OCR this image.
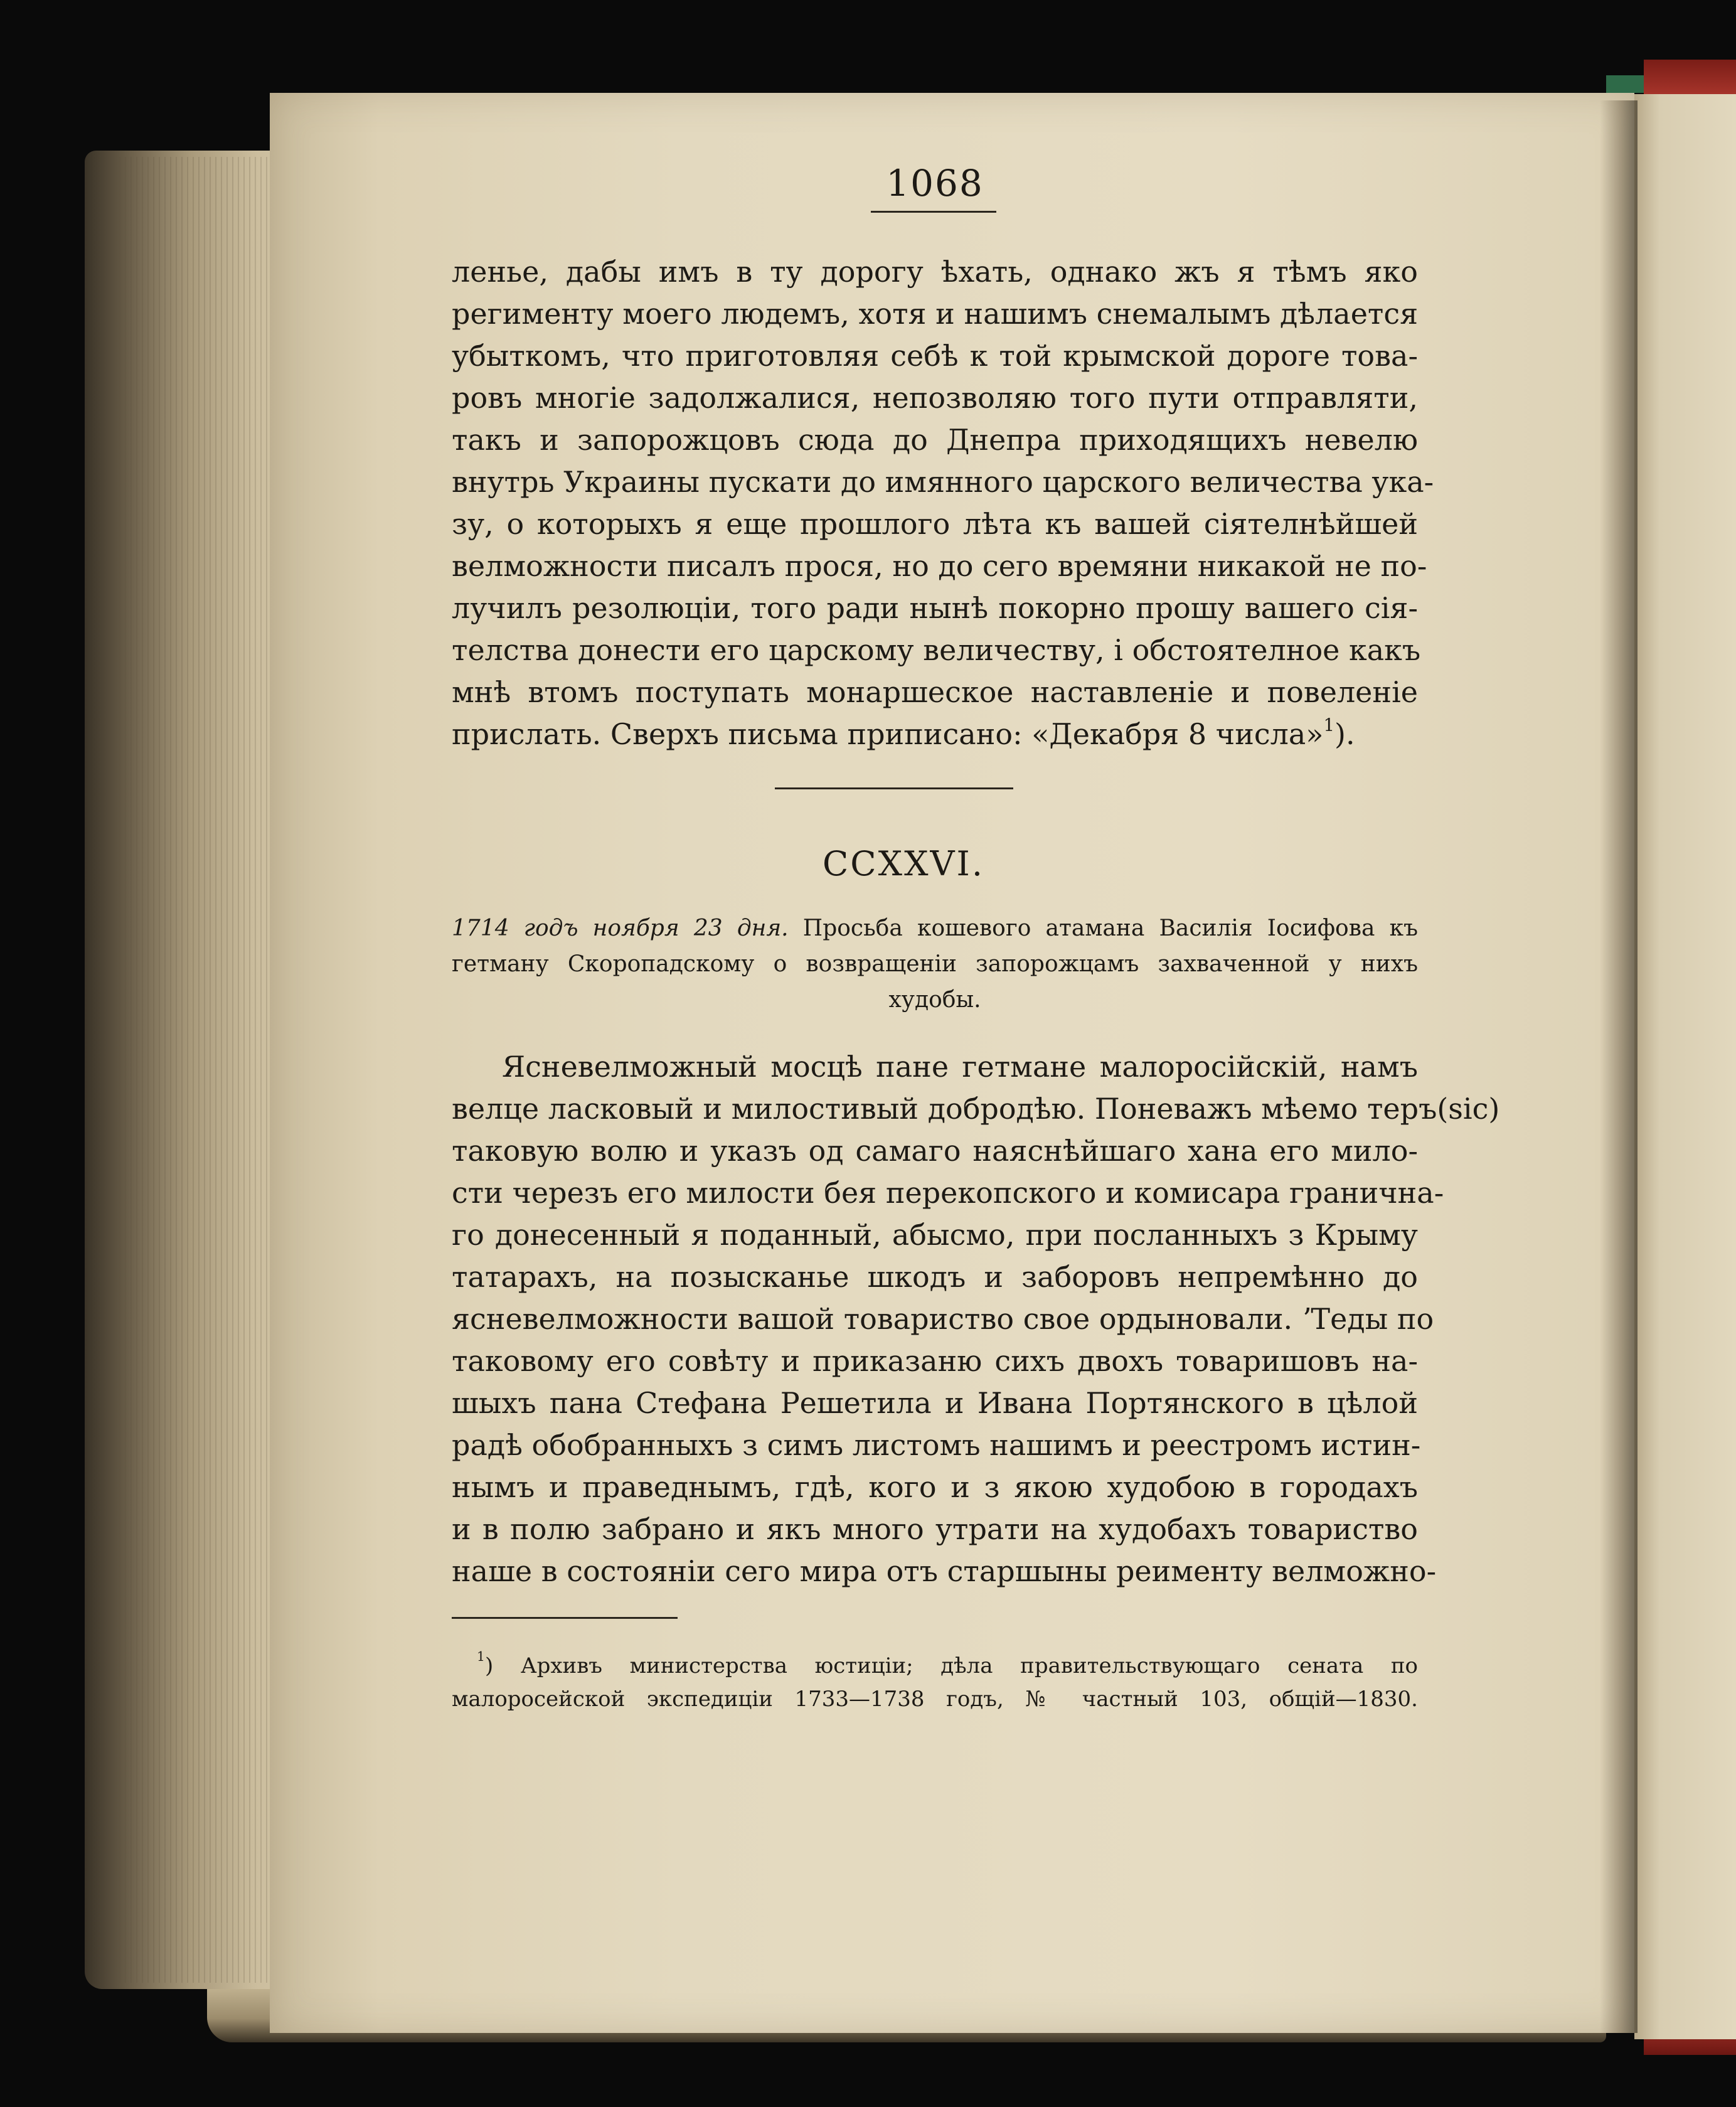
1068
ленье, дабы имъ в ту дорогу ѣхать, однако жъ я тѣмъ яко
регименту моего людемъ, хотя и нашимъ снемалымъ дѣлается
убыткомъ, что приготовляя себѣ к той крымской дороге това-
ровъ многіе задолжалися, непозволяю того пути отправляти,
такъ и запорожцовъ сюда до Днепра приходящихъ невелю
внутрь Украины пускати до имянного царского величества ука-
зу, о которыхъ я еще прошлого лѣта къ вашей сіятелнѣйшей
велможности писалъ прося, но до сего времяни никакой не по-
лучилъ резолюціи, того ради нынѣ покорно прошу вашего сія-
телства донести его царскому величеству, і обстоятелное какъ
мнѣ втомъ поступать монаршеское наставленіе и повеленіе
прислать. Сверхъ письма приписано: «Декабря 8 числа»$^1$).
CCXXVI.
1714 годъ ноября 23 дня. Просьба кошевого атамана Василія Іосифова къ
гетману Скоропадскому о возвращеніи запорожцамъ захваченной у нихъ
худобы.
Ясневелможный мосцѣ пане гетмане малоросійскій, намъ
велце ласковый и милостивый добродѣю. Поневажъ мѣемо теръ(sic)
таковую волю и указъ од самаго наяснѣйшаго хана его мило-
сти черезъ его милости бея перекопского и комисара гранична-
го донесенный я поданный, абысмо, при посланныхъ з Крыму
татарахъ, на позысканье шкодъ и заборовъ непремѣнно до
ясневелможности вашой товариство свое ордыновали. ʼТеды по
таковому его совѣту и приказаню сихъ двохъ товаришовъ на-
шыхъ пана Стефана Решетила и Ивана Портянского в цѣлой
радѣ обобранныхъ з симъ листомъ нашимъ и реестромъ истин-
нымъ и праведнымъ, гдѣ, кого и з якою худобою в городахъ
и в полю забрано и якъ много утрати на худобахъ товариство
наше в состояніи сего мира отъ старшыны реименту велможно-
$^1$) Архивъ министерства юстиціи; дѣла правительствующаго сената по
малоросейской экспедиціи 1733—1738 годъ, № частный 103, общій—1830.
